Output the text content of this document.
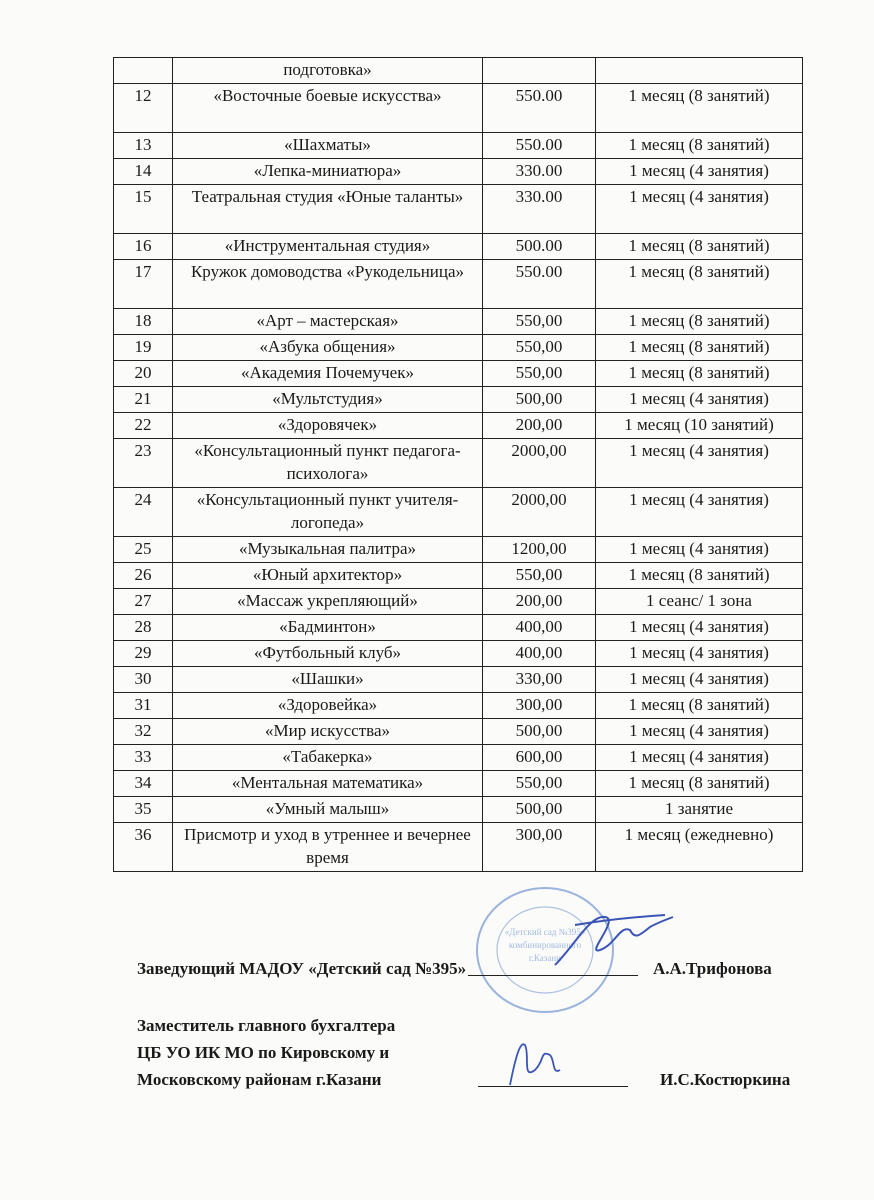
	подготовка»		
12	«Восточные боевые искусства»	550.00	1 месяц (8 занятий)
13	«Шахматы»	550.00	1 месяц (8 занятий)
14	«Лепка-миниатюра»	330.00	1 месяц (4 занятия)
15	Театральная студия «Юные таланты»	330.00	1 месяц (4 занятия)
16	«Инструментальная студия»	500.00	1 месяц (8 занятий)
17	Кружок домоводства «Рукодельница»	550.00	1 месяц (8 занятий)
18	«Арт – мастерская»	550,00	1 месяц (8 занятий)
19	«Азбука общения»	550,00	1 месяц (8 занятий)
20	«Академия Почемучек»	550,00	1 месяц (8 занятий)
21	«Мультстудия»	500,00	1 месяц (4 занятия)
22	«Здоровячек»	200,00	1 месяц (10 занятий)
23	«Консультационный пункт педагога-психолога»	2000,00	1 месяц (4 занятия)
24	«Консультационный пункт учителя-логопеда»	2000,00	1 месяц (4 занятия)
25	«Музыкальная палитра»	1200,00	1 месяц (4 занятия)
26	«Юный архитектор»	550,00	1 месяц (8 занятий)
27	«Массаж укрепляющий»	200,00	1 сеанс/ 1 зона
28	«Бадминтон»	400,00	1 месяц (4 занятия)
29	«Футбольный клуб»	400,00	1 месяц (4 занятия)
30	«Шашки»	330,00	1 месяц (4 занятия)
31	«Здоровейка»	300,00	1 месяц (8 занятий)
32	«Мир искусства»	500,00	1 месяц (4 занятия)
33	«Табакерка»	600,00	1 месяц (4 занятия)
34	«Ментальная математика»	550,00	1 месяц (8 занятий)
35	«Умный малыш»	500,00	1 занятие
36	Присмотр и уход в утреннее и вечернее время	300,00	1 месяц (ежедневно)
«Детский сад №395»
комбинированного
г.Казани
Заведующий МАДОУ «Детский сад №395»	А.А.Трифонова
Заместитель главного бухгалтера
ЦБ УО ИК МО по Кировскому и
Московскому районам г.Казани	И.С.Костюркина
